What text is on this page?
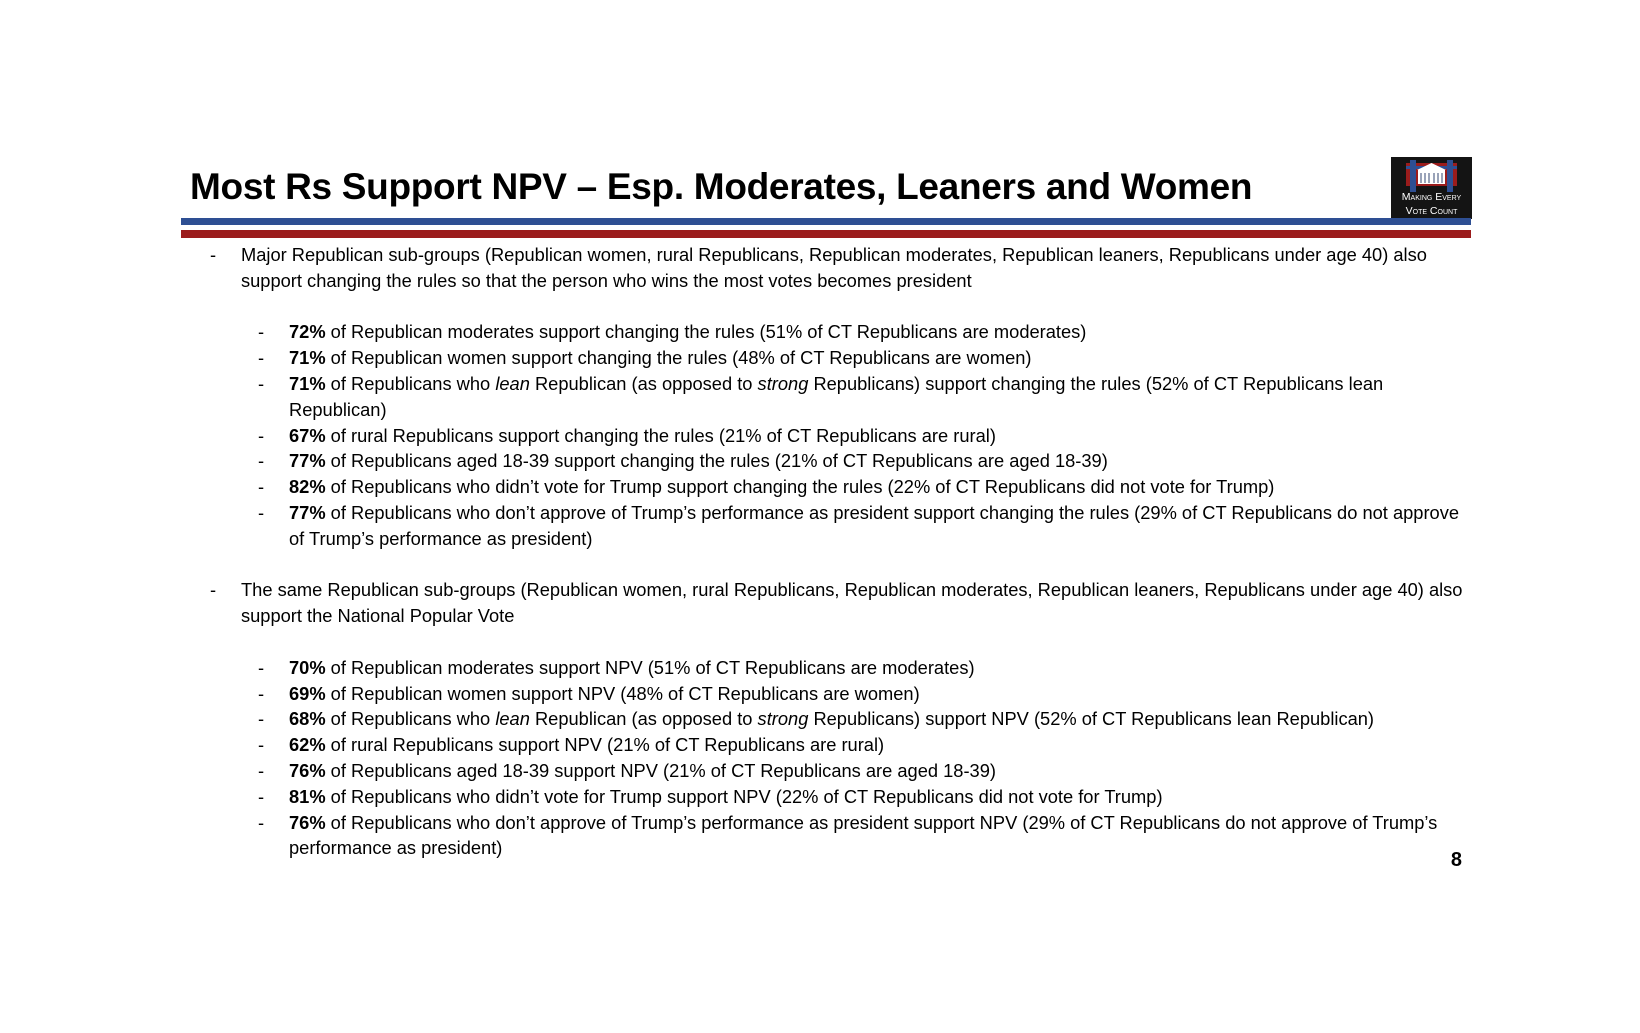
Most Rs Support NPV – Esp. Moderates, Leaners and Women	Making Every
Vote Count
- Major Republican sub-groups (Republican women, rural Republicans, Republican moderates, Republican leaners, Republicans under age 40) also support changing the rules so that the person who wins the most votes becomes president
- 72% of Republican moderates support changing the rules (51% of CT Republicans are moderates)
- 71% of Republican women support changing the rules (48% of CT Republicans are women)
- 71% of Republicans who lean Republican (as opposed to strong Republicans) support changing the rules (52% of CT Republicans lean Republican)
- 67% of rural Republicans support changing the rules (21% of CT Republicans are rural)
- 77% of Republicans aged 18-39 support changing the rules (21% of CT Republicans are aged 18-39)
- 82% of Republicans who didn’t vote for Trump support changing the rules (22% of CT Republicans did not vote for Trump)
- 77% of Republicans who don’t approve of Trump’s performance as president support changing the rules (29% of CT Republicans do not approve of Trump’s performance as president)
- The same Republican sub-groups (Republican women, rural Republicans, Republican moderates, Republican leaners, Republicans under age 40) also support the National Popular Vote
- 70% of Republican moderates support NPV (51% of CT Republicans are moderates)
- 69% of Republican women support NPV (48% of CT Republicans are women)
- 68% of Republicans who lean Republican (as opposed to strong Republicans) support NPV (52% of CT Republicans lean Republican)
- 62% of rural Republicans support NPV (21% of CT Republicans are rural)
- 76% of Republicans aged 18-39 support NPV (21% of CT Republicans are aged 18-39)
- 81% of Republicans who didn’t vote for Trump support NPV (22% of CT Republicans did not vote for Trump)
- 76% of Republicans who don’t approve of Trump’s performance as president support NPV (29% of CT Republicans do not approve of Trump’s performance as president)
8
